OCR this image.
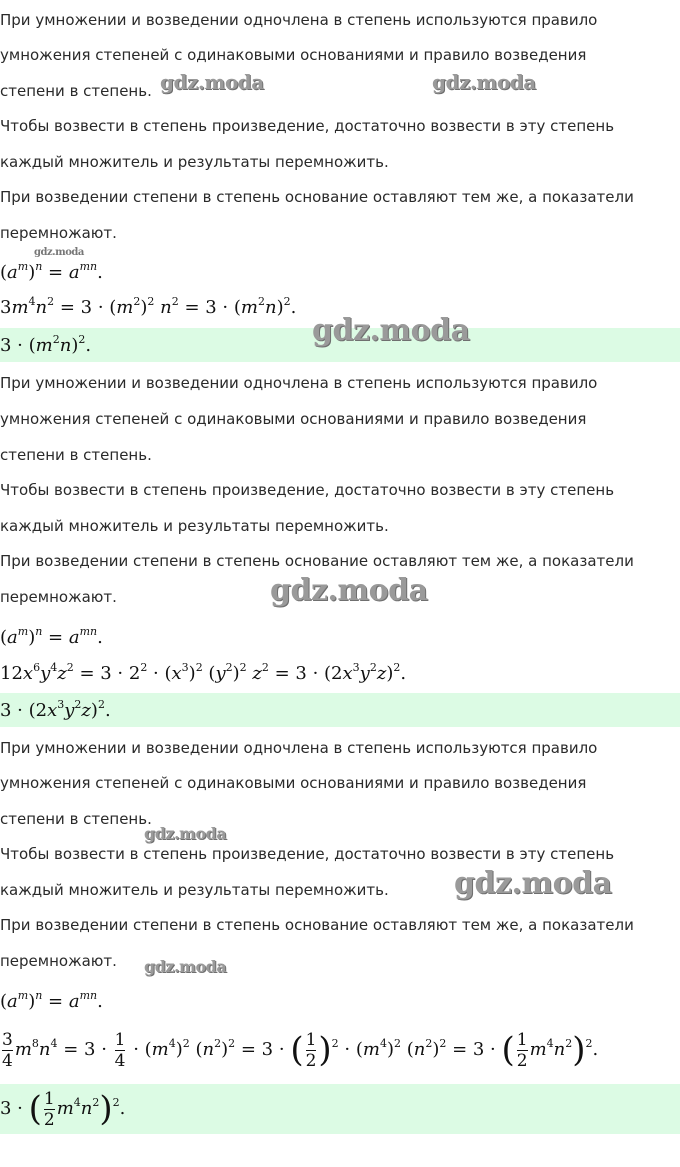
При умножении и возведении одночлена в степень используются правило
умножения степеней с одинаковыми основаниями и правило возведения
степени в степень.
Чтобы возвести в степень произведение, достаточно возвести в эту степень
каждый множитель и результаты перемножить.
При возведении степени в степень основание оставляют тем же, а показатели
перемножают.
$(a^m)^n = a^{mn}$.
$3m^4n^2 = 3 \cdot (m^2)^2$ $n^2 = 3 \cdot (m^2n)^2$.
$3 \cdot (m^2n)^2$.
При умножении и возведении одночлена в степень используются правило
умножения степеней с одинаковыми основаниями и правило возведения
степени в степень.
Чтобы возвести в степень произведение, достаточно возвести в эту степень
каждый множитель и результаты перемножить.
При возведении степени в степень основание оставляют тем же, а показатели
перемножают.
$(a^m)^n = a^{mn}$.
$12x^6y^4z^2 = 3 \cdot 2^2 \cdot (x^3)^2$ $(y^2)^2$ $z^2 = 3 \cdot (2x^3y^2z)^2$.
$3 \cdot (2x^3y^2z)^2$.
При умножении и возведении одночлена в степень используются правило
умножения степеней с одинаковыми основаниями и правило возведения
степени в степень.
Чтобы возвести в степень произведение, достаточно возвести в эту степень
каждый множитель и результаты перемножить.
При возведении степени в степень основание оставляют тем же, а показатели
перемножают.
$(a^m)^n = a^{mn}$.
$\frac{3}{4} m^8n^4 = 3 \cdot \frac{1}{4} \cdot (m^4)^2$ $(n^2)^2 = 3$ · ( $\frac{1}{2} )^2 \cdot (m^4)^2$ $(n^2)^2 = 3$ · ( $\frac{1}{2} m^4n^2)^2$.
3 · ( $\frac{1}{2} m^4n^2)^2$.
gdz.moda	gdz.moda
gdz.moda
gdz.moda
gdz.moda
gdz.moda
gdz.moda
gdz.moda
